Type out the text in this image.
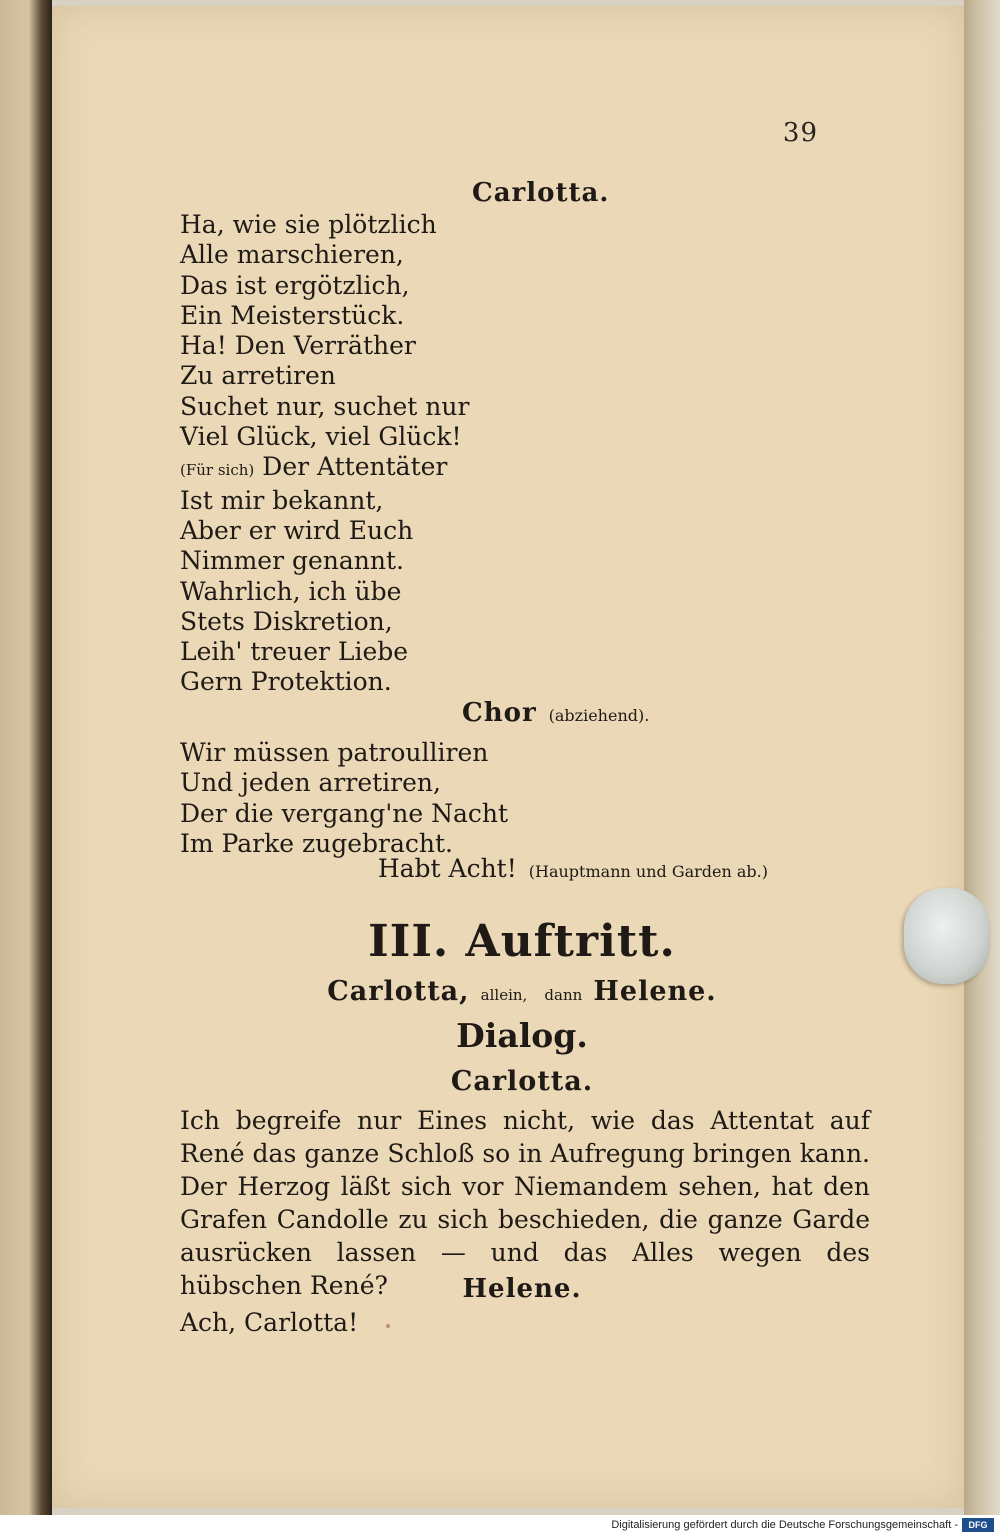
39
Carlotta.
Ha, wie sie plötzlich
Alle marschieren,
Das ist ergötzlich,
Ein Meisterstück.
Ha! Den Verräther
Zu arretiren
Suchet nur, suchet nur
Viel Glück, viel Glück!
(Für sich) Der Attentäter
Ist mir bekannt,
Aber er wird Euch
Nimmer genannt.
Wahrlich, ich übe
Stets Diskretion,
Leih' treuer Liebe
Gern Protektion.
Chor (abziehend).
Wir müssen patroulliren
Und jeden arretiren,
Der die vergang'ne Nacht
Im Parke zugebracht.
Habt Acht! (Hauptmann und Garden ab.)
III. Auftritt.
Carlotta, allein, dann Helene.
Dialog.
Carlotta.
Ich begreife nur Eines nicht, wie das Attentat auf René das ganze Schloß so in Aufregung bringen kann. Der Herzog läßt sich vor Niemandem sehen, hat den Grafen Candolle zu sich beschieden, die ganze Garde ausrücken lassen — und das Alles wegen des hübschen René?	Helene.
Ach, Carlotta!
Digitalisierung gefördert durch die Deutsche Forschungsgemeinschaft -	DFG
